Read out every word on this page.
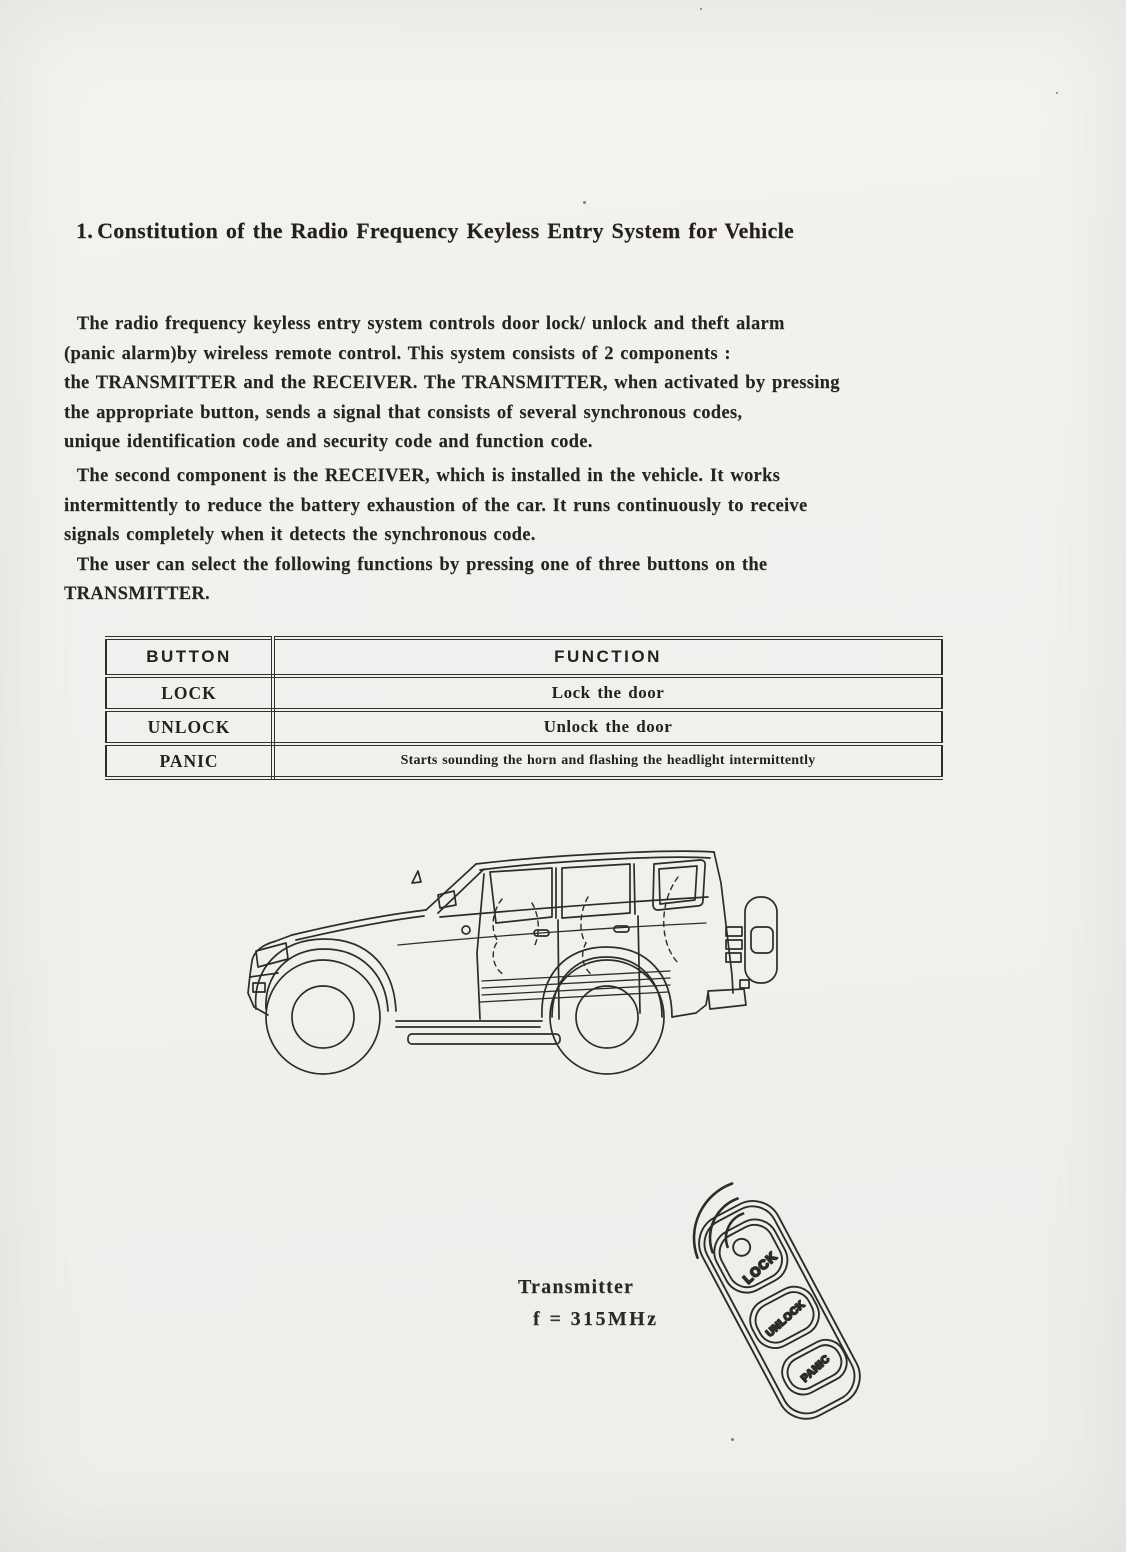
1. Constitution of the Radio Frequency Keyless Entry System for Vehicle
The radio frequency keyless entry system controls door lock/ unlock and theft alarm
(panic alarm)by wireless remote control. This system consists of 2 components :
the TRANSMITTER and the RECEIVER. The TRANSMITTER, when activated by pressing
the appropriate button, sends a signal that consists of several synchronous codes,
unique identification code and security code and function code.
The second component is the RECEIVER, which is installed in the vehicle. It works
intermittently to reduce the battery exhaustion of the car. It runs continuously to receive
signals completely when it detects the synchronous code.
The user can select the following functions by pressing one of three buttons on the
TRANSMITTER.
BUTTON	FUNCTION
LOCK	Lock the door
UNLOCK	Unlock the door
PANIC	Starts sounding the horn and flashing the headlight intermittently
Transmitter
f = 315MHz
LOCK
UNLOCK
PANIC
